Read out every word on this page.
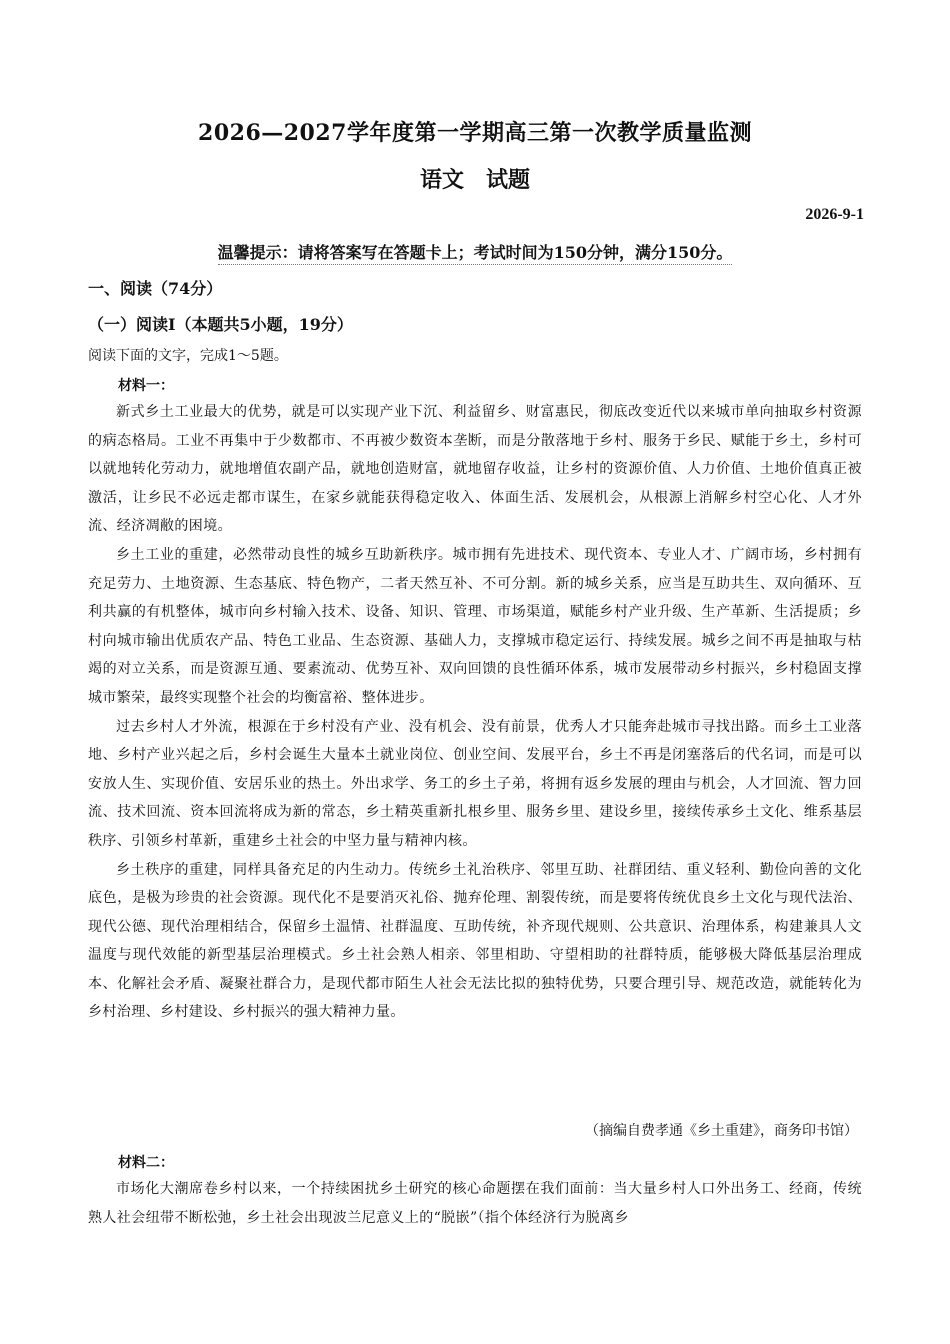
2026—2027学年度第一学期高三第一次教学质量监测
语文　试题
2026-9-1
温馨提示：请将答案写在答题卡上；考试时间为150分钟，满分150分。
一、阅读（74分）
（一）阅读Ⅰ（本题共5小题，19分）
阅读下面的文字，完成1～5题。
材料一：

新式乡土工业最大的优势，就是可以实现产业下沉、利益留乡、财富惠民，彻底改变近代以来城市单向抽取乡村资源的病态格局。工业不再集中于少数都市、不再被少数资本垄断，而是分散落地于乡村、服务于乡民、赋能于乡土，乡村可以就地转化劳动力，就地增值农副产品，就地创造财富，就地留存收益，让乡村的资源价值、人力价值、土地价值真正被激活，让乡民不必远走都市谋生，在家乡就能获得稳定收入、体面生活、发展机会，从根源上消解乡村空心化、人才外流、经济凋敝的困境。

乡土工业的重建，必然带动良性的城乡互助新秩序。城市拥有先进技术、现代资本、专业人才、广阔市场，乡村拥有充足劳力、土地资源、生态基底、特色物产，二者天然互补、不可分割。新的城乡关系，应当是互助共生、双向循环、互利共赢的有机整体，城市向乡村输入技术、设备、知识、管理、市场渠道，赋能乡村产业升级、生产革新、生活提质；乡村向城市输出优质农产品、特色工业品、生态资源、基础人力，支撑城市稳定运行、持续发展。城乡之间不再是抽取与枯竭的对立关系，而是资源互通、要素流动、优势互补、双向回馈的良性循环体系，城市发展带动乡村振兴，乡村稳固支撑城市繁荣，最终实现整个社会的均衡富裕、整体进步。

过去乡村人才外流，根源在于乡村没有产业、没有机会、没有前景，优秀人才只能奔赴城市寻找出路。而乡土工业落地、乡村产业兴起之后，乡村会诞生大量本土就业岗位、创业空间、发展平台，乡土不再是闭塞落后的代名词，而是可以安放人生、实现价值、安居乐业的热土。外出求学、务工的乡土子弟，将拥有返乡发展的理由与机会，人才回流、智力回流、技术回流、资本回流将成为新的常态，乡土精英重新扎根乡里、服务乡里、建设乡里，接续传承乡土文化、维系基层秩序、引领乡村革新，重建乡土社会的中坚力量与精神内核。

乡土秩序的重建，同样具备充足的内生动力。传统乡土礼治秩序、邻里互助、社群团结、重义轻利、勤俭向善的文化底色，是极为珍贵的社会资源。现代化不是要消灭礼俗、抛弃伦理、割裂传统，而是要将传统优良乡土文化与现代法治、现代公德、现代治理相结合，保留乡土温情、社群温度、互助传统，补齐现代规则、公共意识、治理体系，构建兼具人文温度与现代效能的新型基层治理模式。乡土社会熟人相亲、邻里相助、守望相助的社群特质，能够极大降低基层治理成本、化解社会矛盾、凝聚社群合力，是现代都市陌生人社会无法比拟的独特优势，只要合理引导、规范改造，就能转化为乡村治理、乡村建设、乡村振兴的强大精神力量。

（摘编自费孝通《乡土重建》，商务印书馆）
材料二：

市场化大潮席卷乡村以来，一个持续困扰乡土研究的核心命题摆在我们面前：当大量乡村人口外出务工、经商，传统熟人社会纽带不断松弛，乡土社会出现波兰尼意义上的“脱嵌”（指个体经济行为脱离乡
